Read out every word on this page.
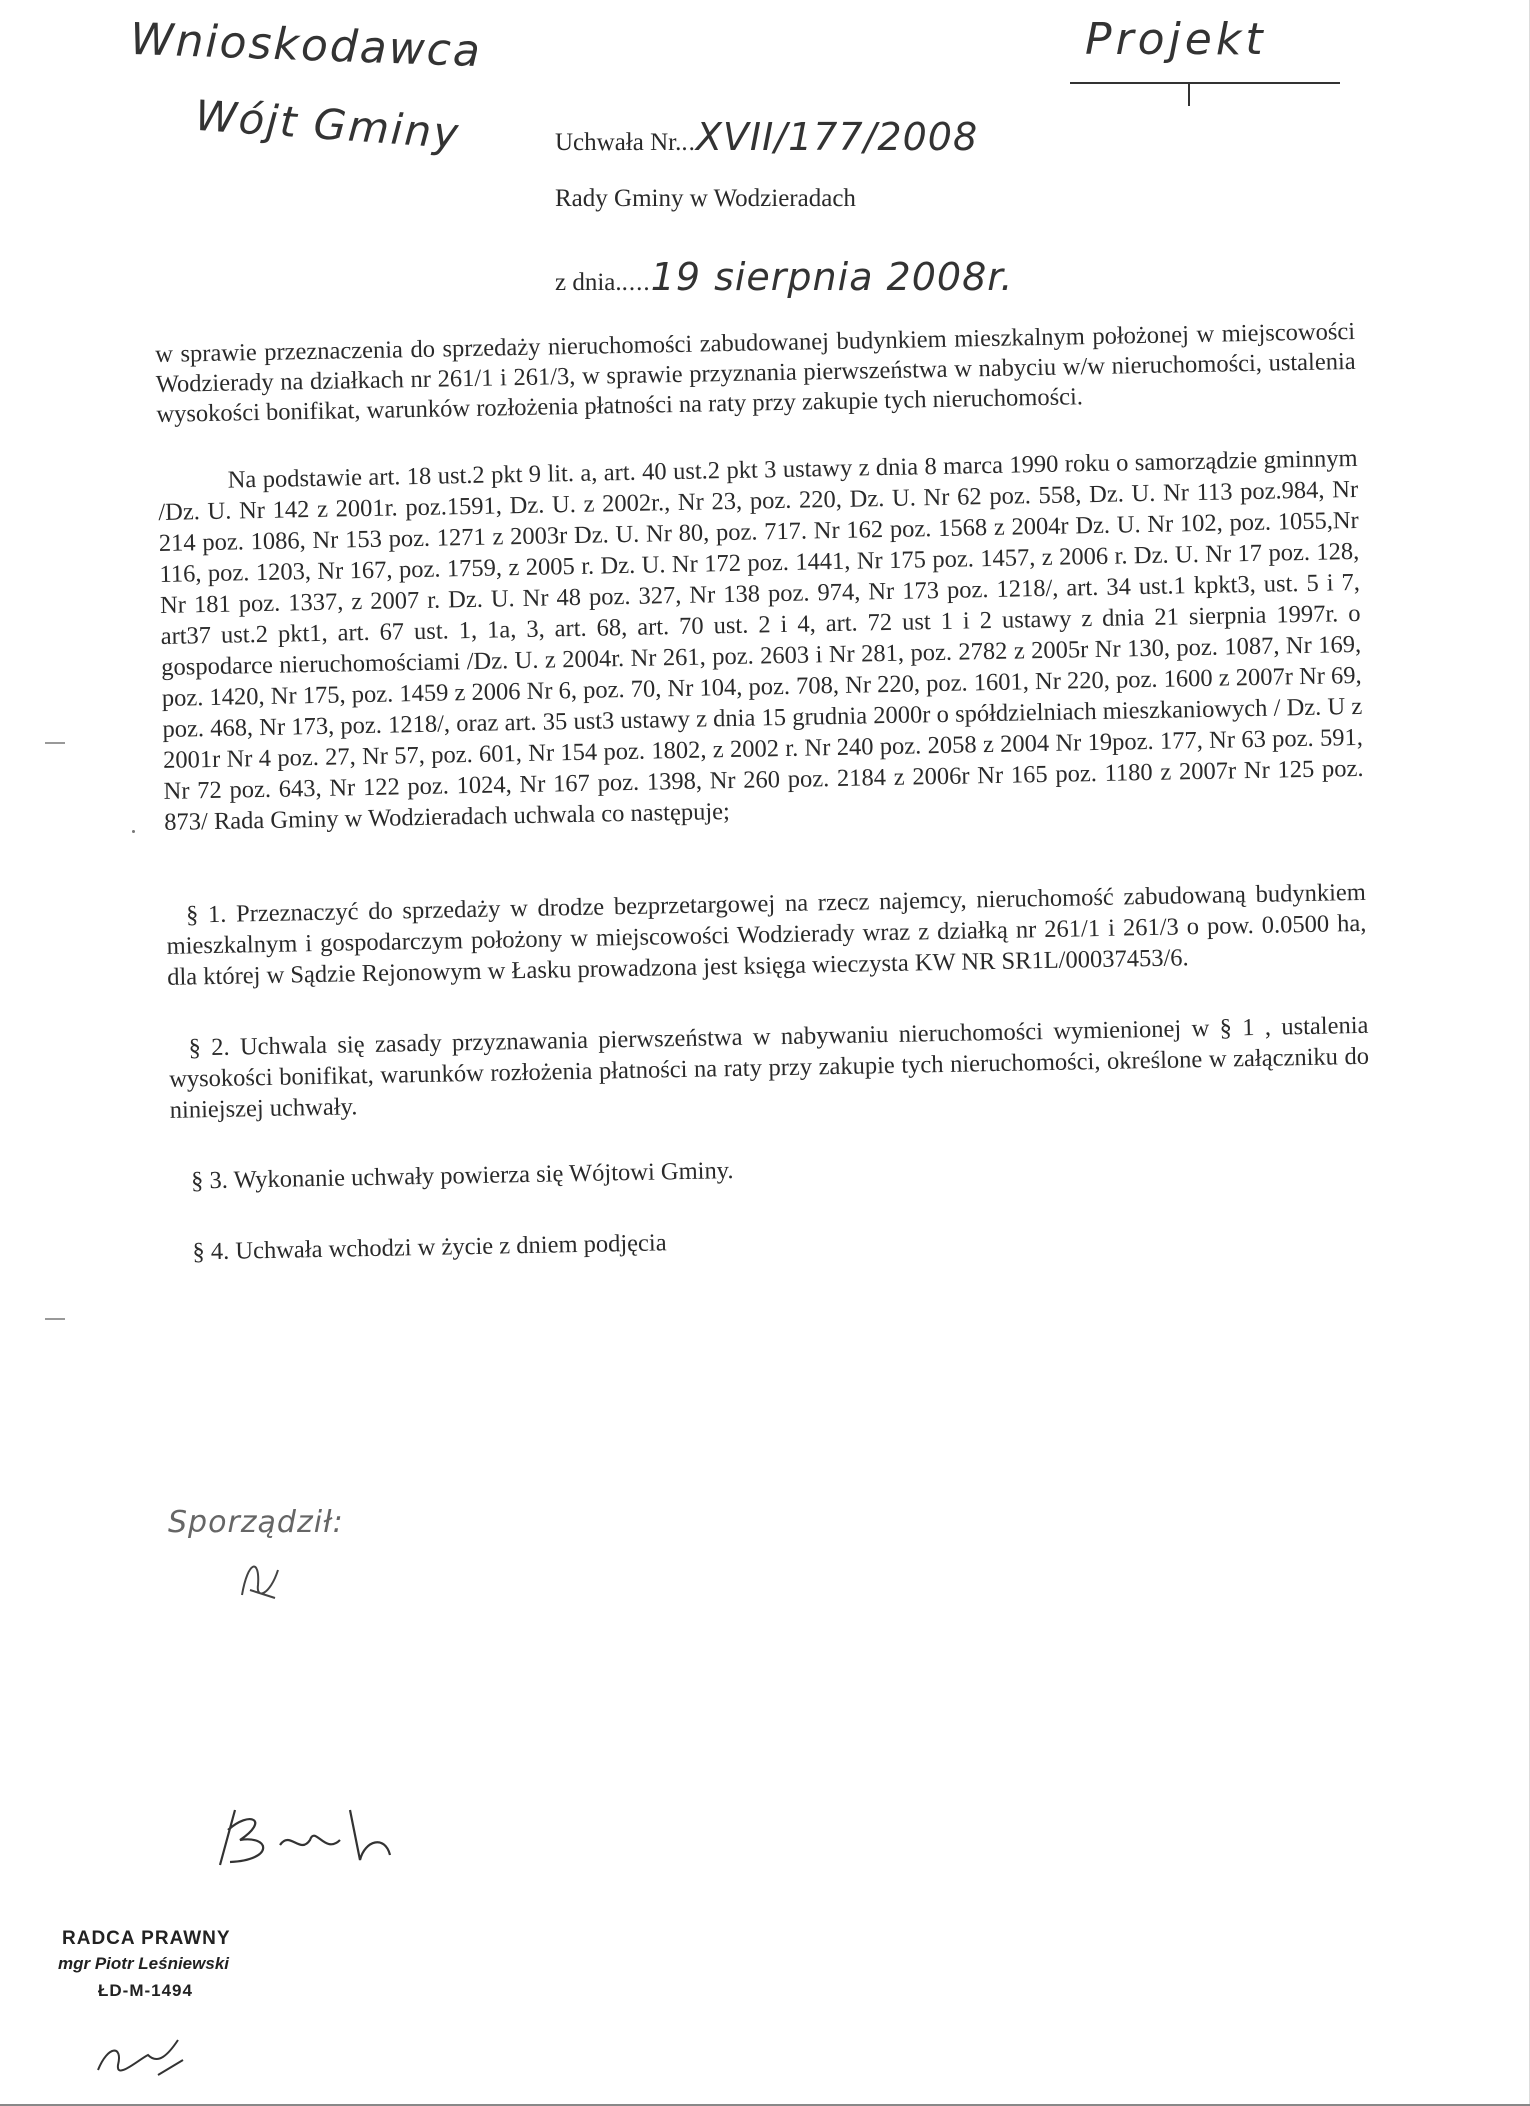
Wnioskodawca
Wójt Gminy
Projekt
Uchwała Nr...XVII/177/2008
Rady Gminy w Wodzieradach
z dnia.....19 sierpnia 2008r.

w sprawie przeznaczenia do sprzedaży nieruchomości zabudowanej budynkiem mieszkalnym położonej w miejscowości Wodzierady na działkach nr 261/1 i 261/3, w sprawie przyznania pierwszeństwa w nabyciu w/w nieruchomości, ustalenia wysokości bonifikat, warunków rozłożenia płatności na raty przy zakupie tych nieruchomości.

Na podstawie art. 18 ust.2 pkt 9 lit. a, art. 40 ust.2 pkt 3 ustawy z dnia 8 marca 1990 roku o samorządzie gminnym /Dz. U. Nr 142 z 2001r. poz.1591, Dz. U. z 2002r., Nr 23, poz. 220, Dz. U. Nr 62 poz. 558, Dz. U. Nr 113 poz.984, Nr 214 poz. 1086, Nr 153 poz. 1271 z 2003r Dz. U. Nr 80, poz. 717. Nr 162 poz. 1568 z 2004r Dz. U. Nr 102, poz. 1055,Nr 116, poz. 1203, Nr 167, poz. 1759, z 2005 r. Dz. U. Nr 172 poz. 1441, Nr 175 poz. 1457, z 2006 r. Dz. U. Nr 17 poz. 128, Nr 181 poz. 1337, z 2007 r. Dz. U. Nr 48 poz. 327, Nr 138 poz. 974, Nr 173 poz. 1218/, art. 34 ust.1 kpkt3, ust. 5 i 7, art37 ust.2 pkt1, art. 67 ust. 1, 1a, 3, art. 68, art. 70 ust. 2 i 4, art. 72 ust 1 i 2 ustawy z dnia 21 sierpnia 1997r. o gospodarce nieruchomościami /Dz. U. z 2004r. Nr 261, poz. 2603 i Nr 281, poz. 2782 z 2005r Nr 130, poz. 1087, Nr 169, poz. 1420, Nr 175, poz. 1459 z 2006 Nr 6, poz. 70, Nr 104, poz. 708, Nr 220, poz. 1601, Nr 220, poz. 1600 z 2007r Nr 69, poz. 468, Nr 173, poz. 1218/, oraz art. 35 ust3 ustawy z dnia 15 grudnia 2000r o spółdzielniach mieszkaniowych / Dz. U z 2001r Nr 4 poz. 27, Nr 57, poz. 601, Nr 154 poz. 1802, z 2002 r. Nr 240 poz. 2058 z 2004 Nr 19poz. 177, Nr 63 poz. 591, Nr 72 poz. 643, Nr 122 poz. 1024, Nr 167 poz. 1398, Nr 260 poz. 2184 z 2006r Nr 165 poz. 1180 z 2007r Nr 125 poz. 873/ Rada Gminy w Wodzieradach uchwala co następuje;

§ 1. Przeznaczyć do sprzedaży w drodze bezprzetargowej na rzecz najemcy, nieruchomość zabudowaną budynkiem mieszkalnym i gospodarczym położony w miejscowości Wodzierady wraz z działką nr 261/1 i 261/3 o pow. 0.0500 ha, dla której w Sądzie Rejonowym w Łasku prowadzona jest księga wieczysta KW NR SR1L/00037453/6.

§ 2. Uchwala się zasady przyznawania pierwszeństwa w nabywaniu nieruchomości wymienionej w § 1 , ustalenia wysokości bonifikat, warunków rozłożenia płatności na raty przy zakupie tych nieruchomości, określone w załączniku do niniejszej uchwały.

§ 3. Wykonanie uchwały powierza się Wójtowi Gminy.

§ 4. Uchwała wchodzi w życie z dniem podjęcia

Sporządził:
RADCA PRAWNY
mgr Piotr Leśniewski
ŁD-M-1494
